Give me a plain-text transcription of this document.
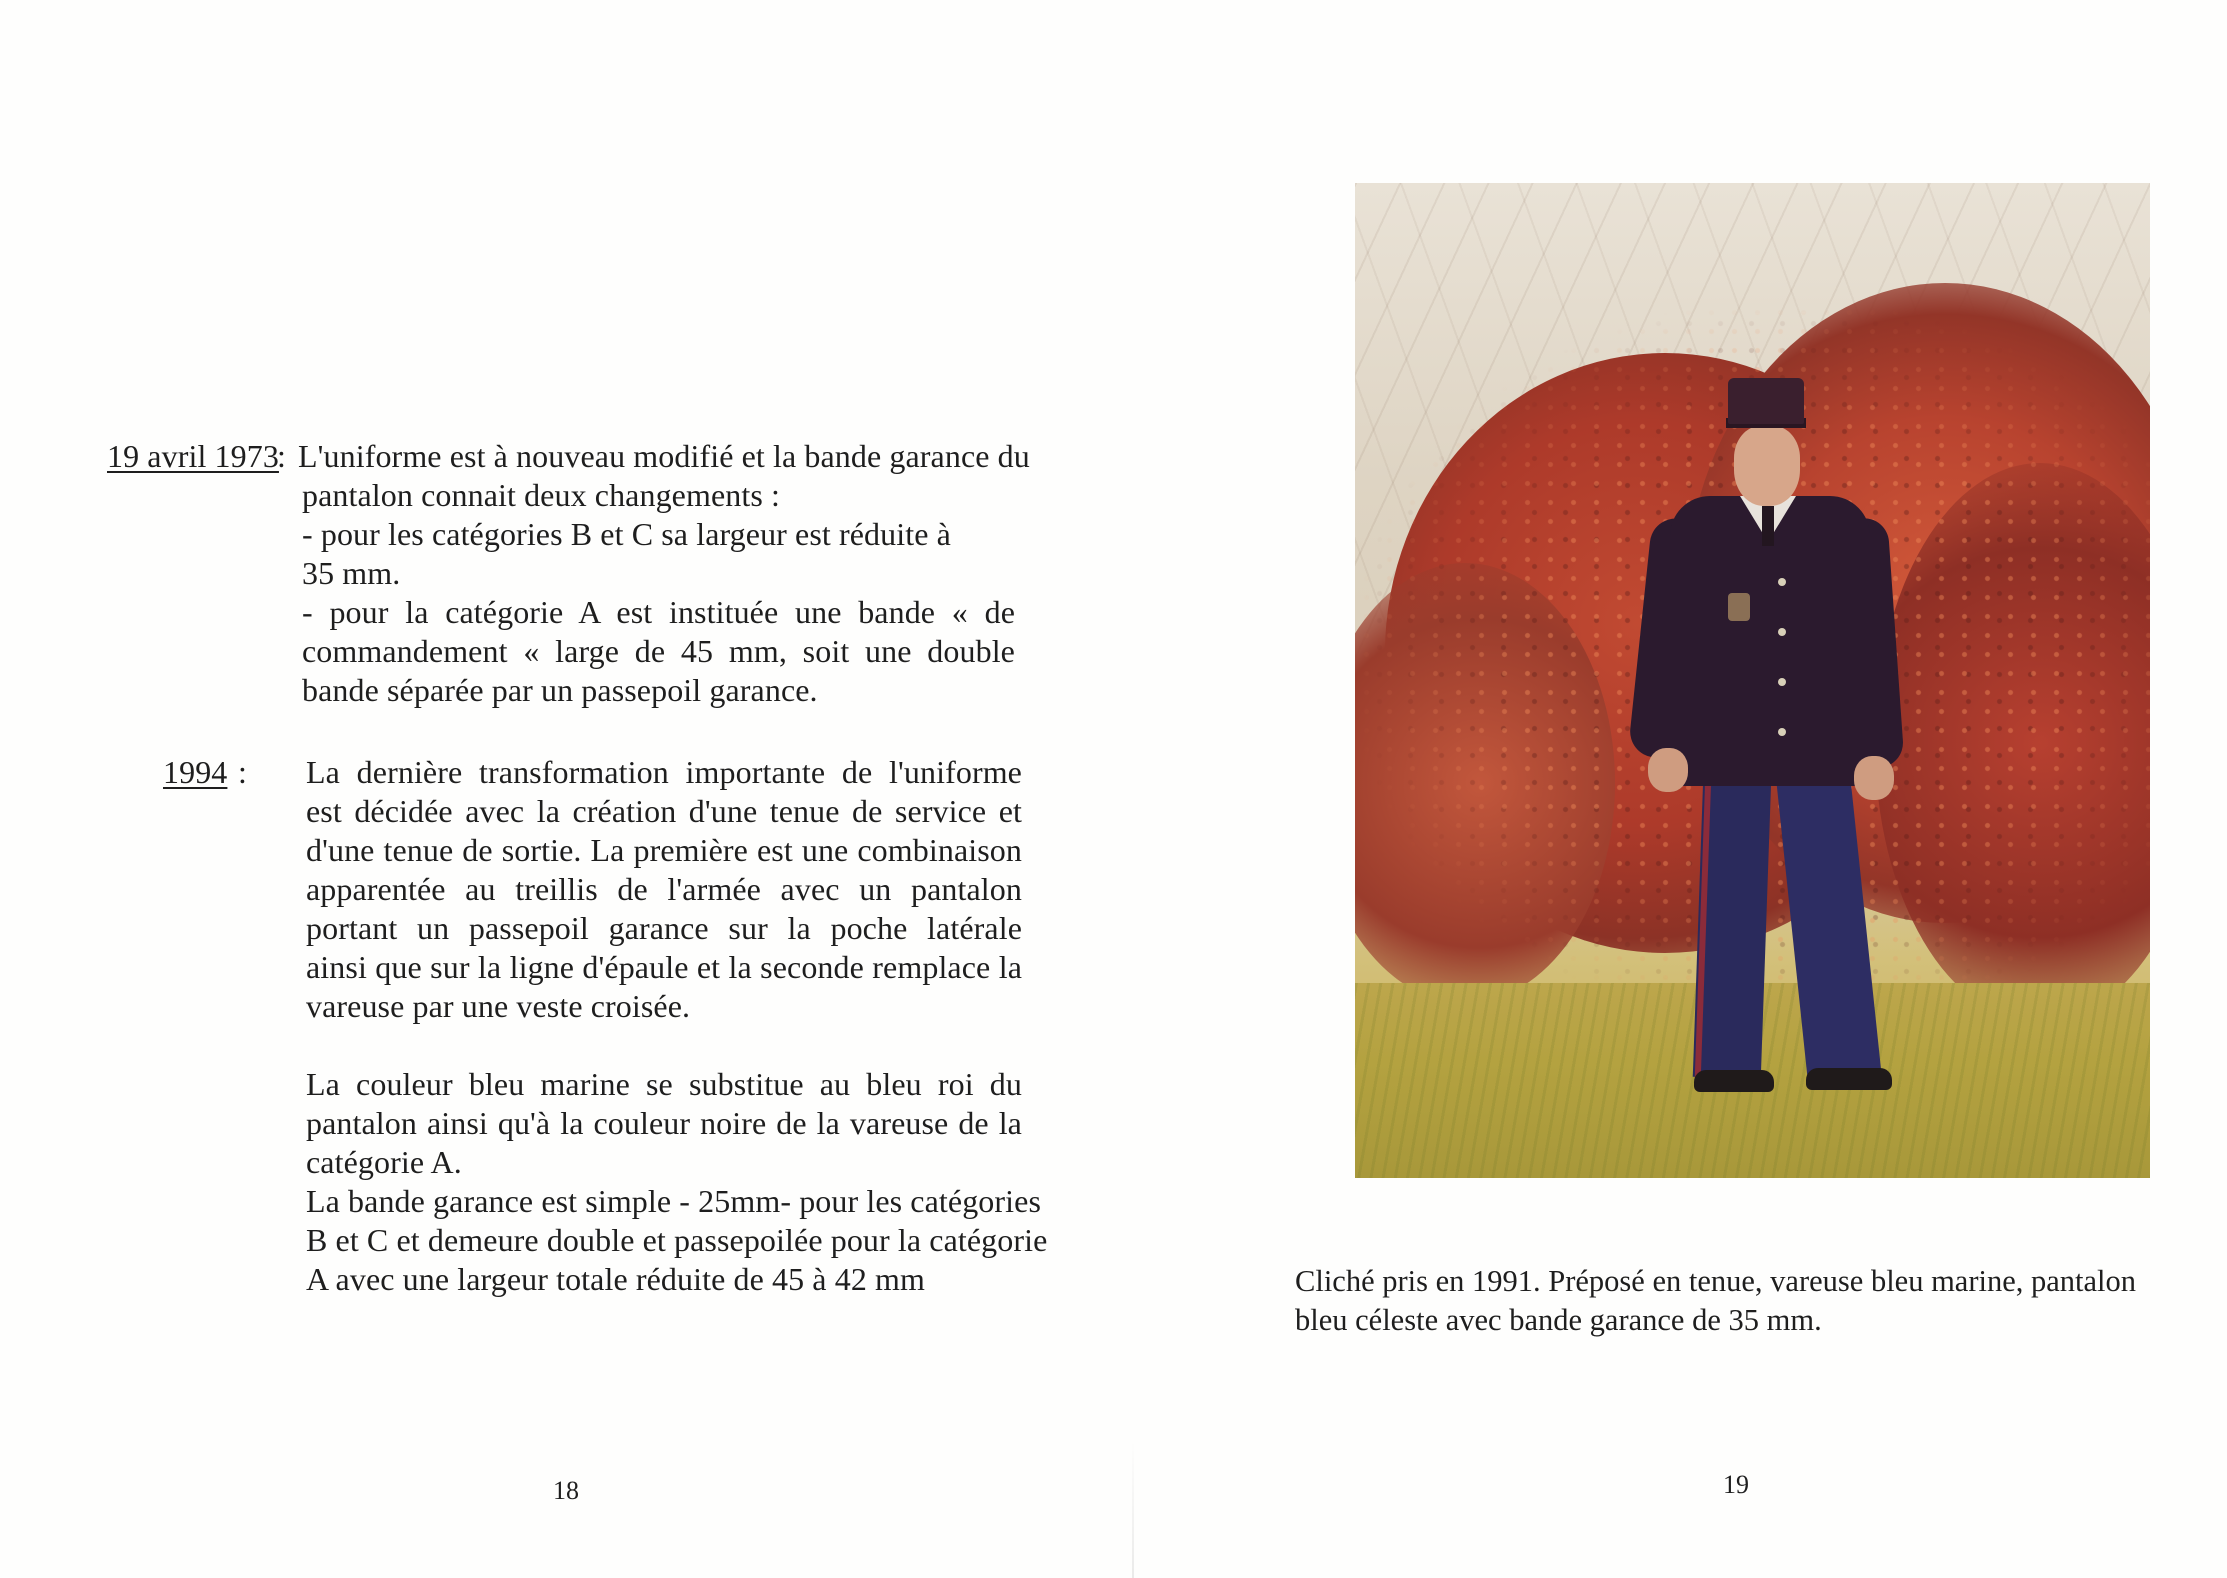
19 avril 1973
: L'uniforme est à nouveau modifié et la bande garance du
pantalon connait deux changements :
- pour les catégories B et C sa largeur est réduite à
35 mm.
- pour la catégorie A est instituée une bande « de
commandement « large de 45 mm, soit une double
bande séparée par un passepoil garance.
1994 : La dernière transformation importante de l'uniforme
est décidée avec la création d'une tenue de service et
d'une tenue de sortie. La première est une combinaison
apparentée au treillis de l'armée avec un pantalon
portant un passepoil garance sur la poche latérale
ainsi que sur la ligne d'épaule et la seconde remplace la
vareuse par une veste croisée.
La couleur bleu marine se substitue au bleu roi du
pantalon ainsi qu'à la couleur noire de la vareuse de la
catégorie A.
La bande garance est simple - 25mm- pour les catégories
B et C et demeure double et passepoilée pour la catégorie
A avec une largeur totale réduite de 45 à 42 mm
18
Cliché pris en 1991. Préposé en tenue, vareuse bleu marine, pantalon
bleu céleste avec bande garance de 35 mm.
19
